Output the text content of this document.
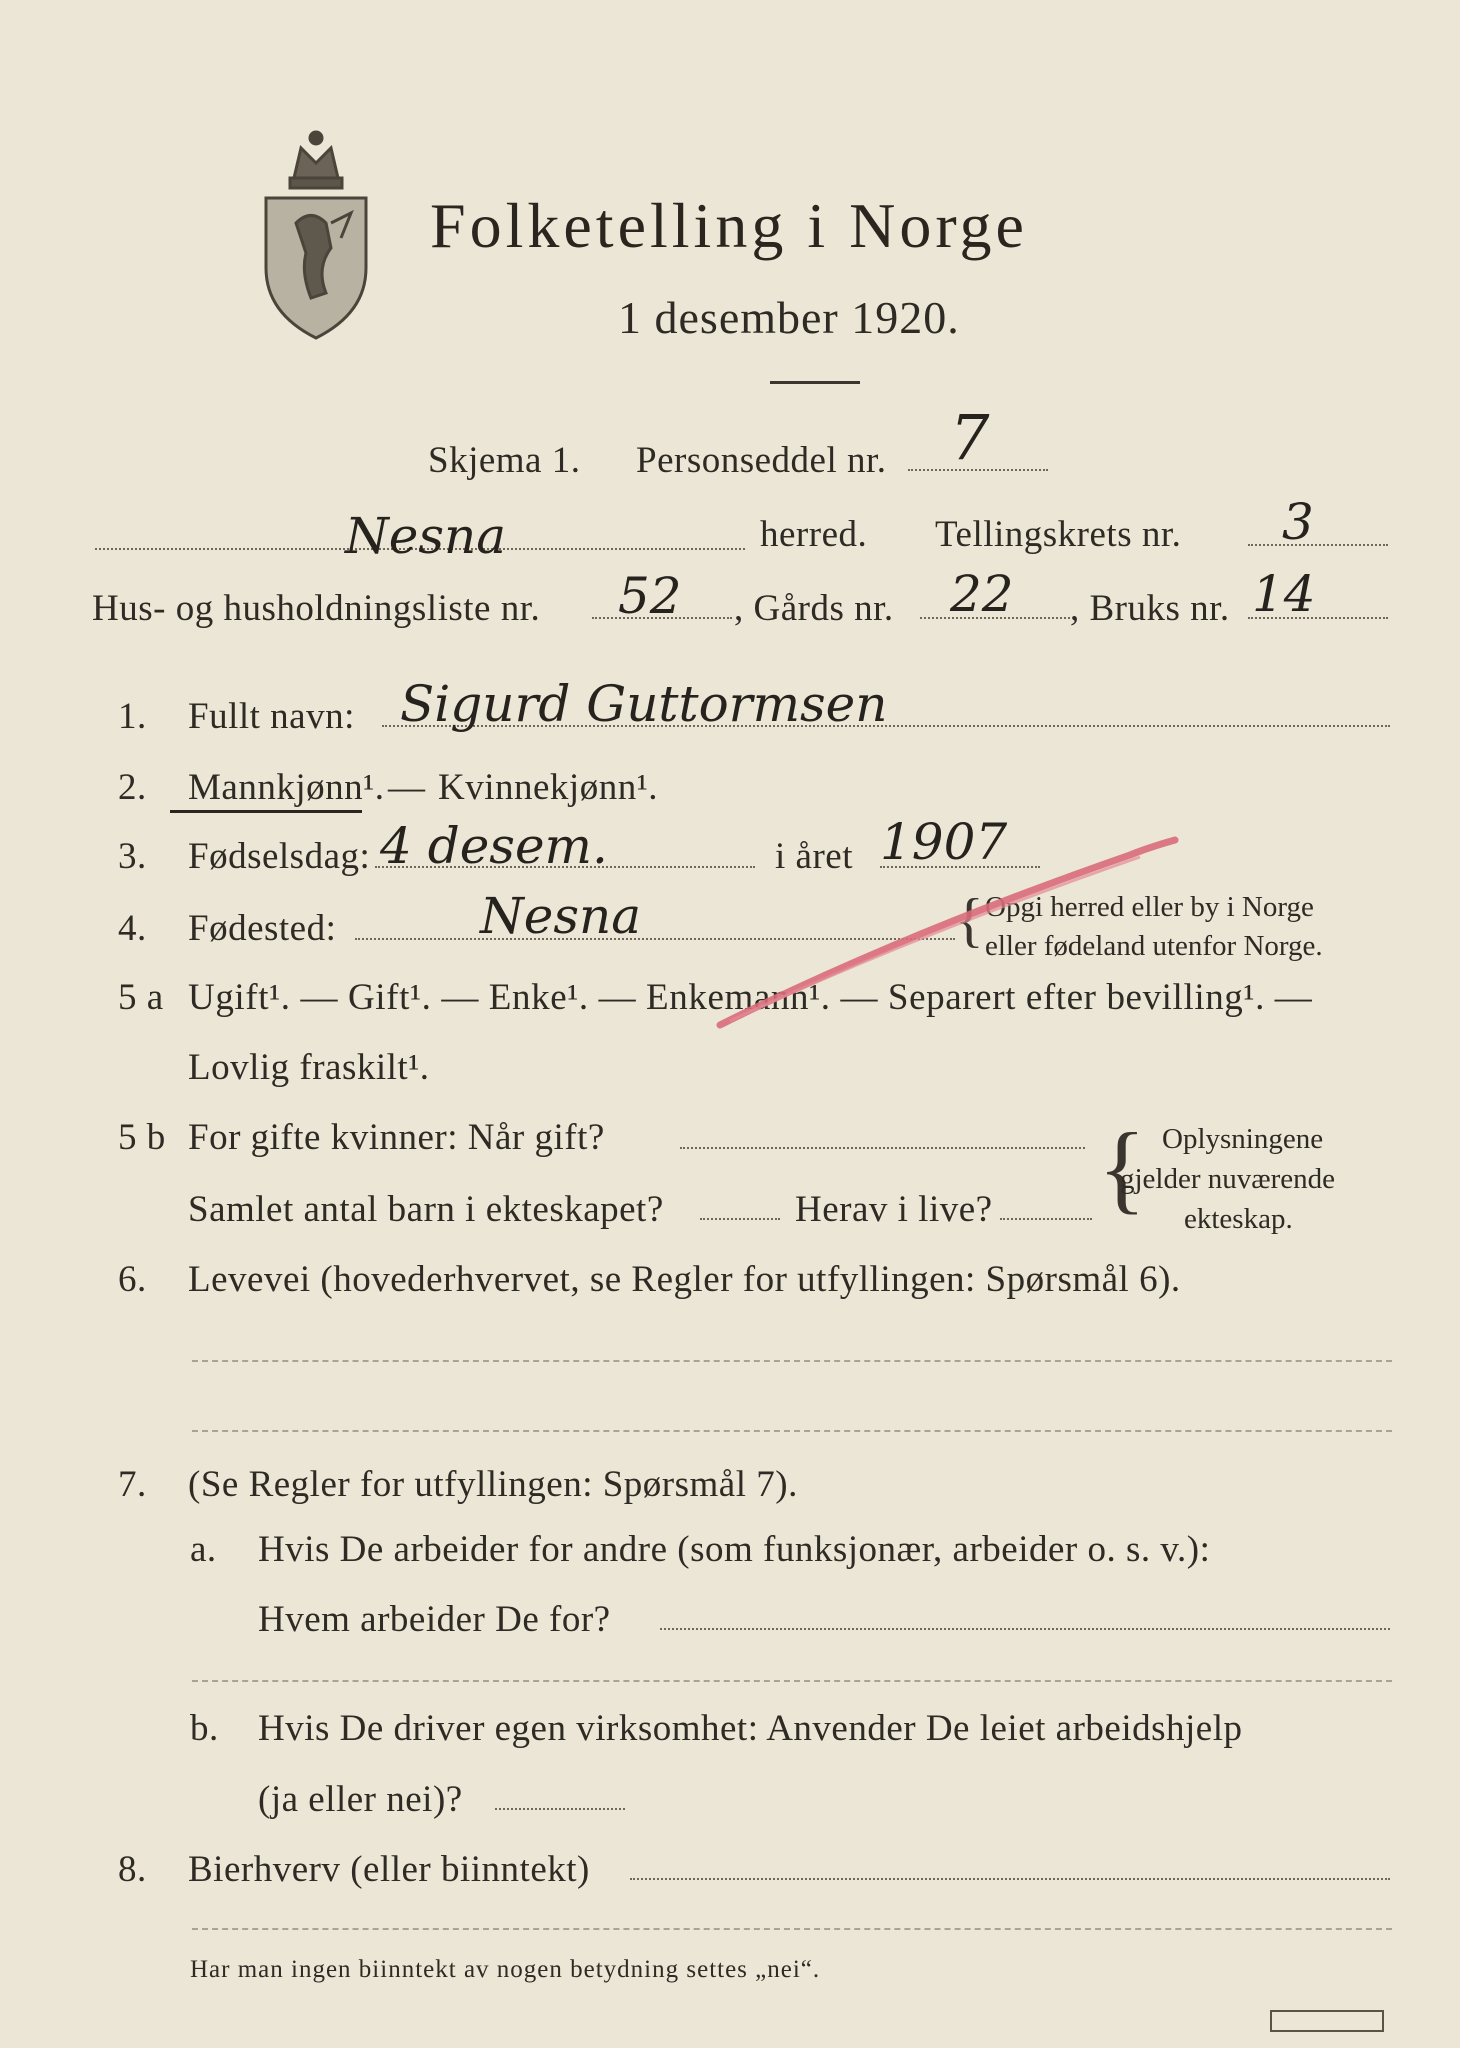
Folketelling i Norge
1 desember 1920.
Skjema 1. Personseddel nr. 7
Nesna	herred. Tellingskrets nr. 3
Hus- og husholdningsliste nr. 52 , Gårds nr. 22 , Bruks nr. 14
1. Fullt navn: Sigurd Guttormsen
2. Mannkjønn¹. — Kvinnekjønn¹.
3. Fødselsdag: 4 desem.	i året 1907
4. Fødested:	Nesna	{ Opgi herred eller by i Norge
eller fødeland utenfor Norge.
5 a Ugift¹. — Gift¹. — Enke¹. — Enkemann¹. — Separert efter bevilling¹. —
Lovlig fraskilt¹.
5 b For gifte kvinner: Når gift?
Samlet antal barn i ekteskapet?	Herav i live? { Oplysningene
gjelder nuværende
ekteskap.
6. Levevei (hovederhvervet, se Regler for utfyllingen: Spørsmål 6).
7. (Se Regler for utfyllingen: Spørsmål 7).
a. Hvis De arbeider for andre (som funksjonær, arbeider o. s. v.):
Hvem arbeider De for?
b. Hvis De driver egen virksomhet: Anvender De leiet arbeidshjelp
(ja eller nei)?
8. Bierhverv (eller biinntekt)
Har man ingen biinntekt av nogen betydning settes „nei“.
